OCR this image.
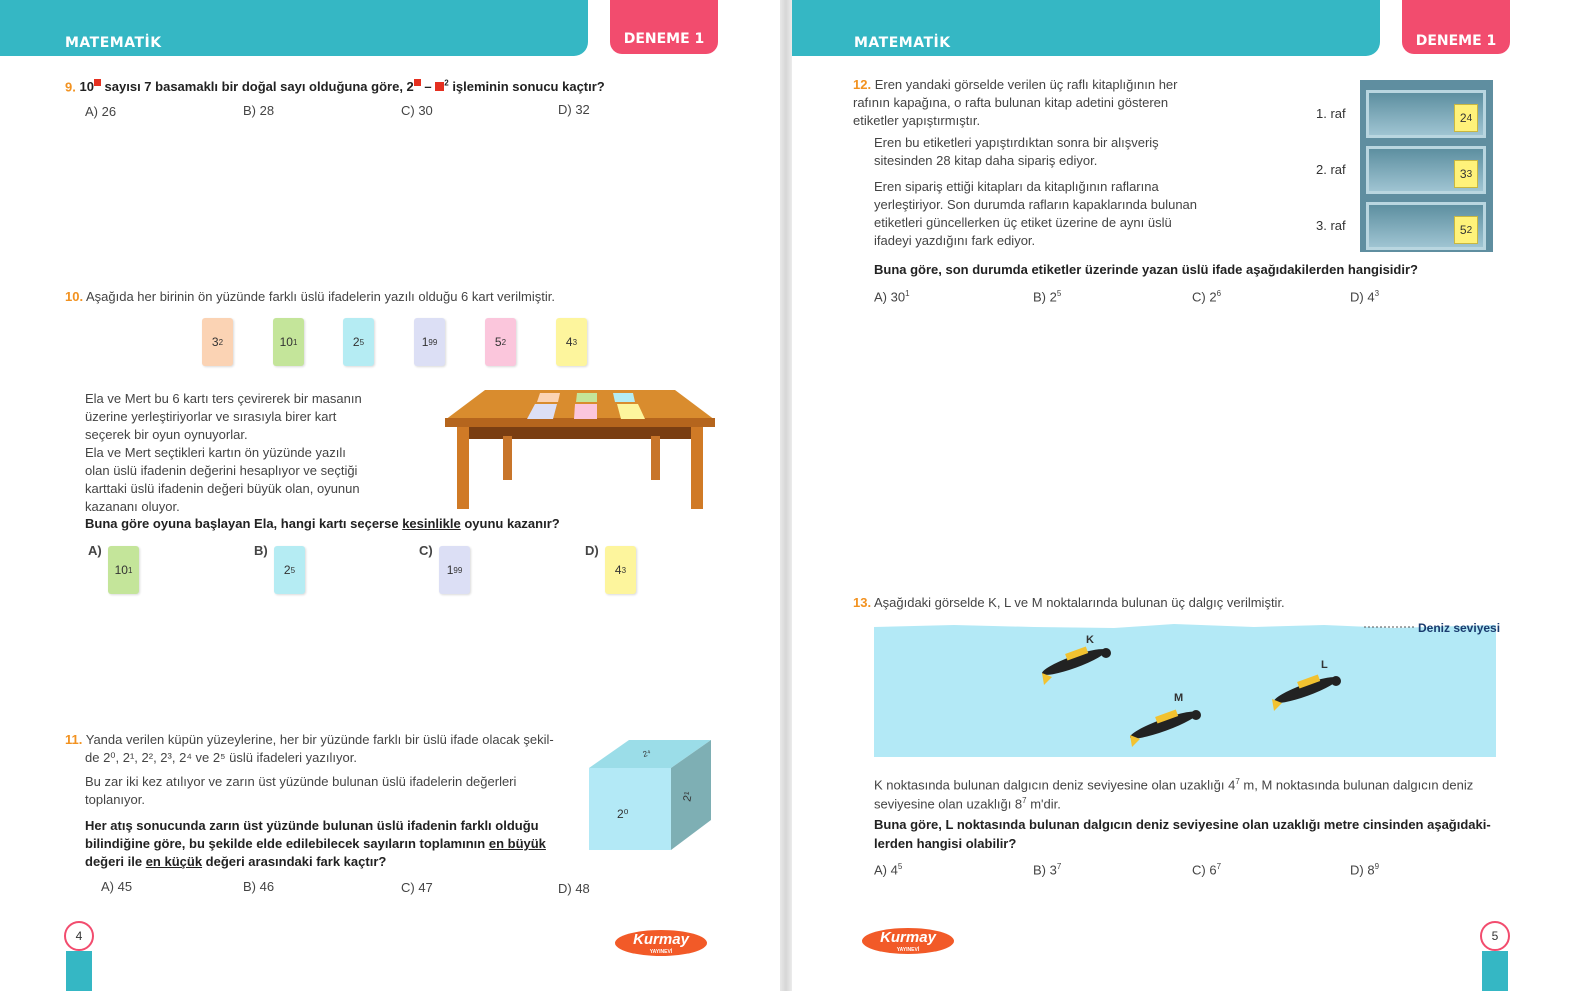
MATEMATİK	DENEME 1
9. 10 sayısı 7 basamaklı bir doğal sayı olduğuna göre, 2 – $^2$ işleminin sonucu kaçtır?
A) 26	B) 28	C) 30	D) 32
10. Aşağıda her birinin ön yüzünde farklı üslü ifadelerin yazılı olduğu 6 kart verilmiştir.
3 2	10 1	2 5	1 99	5 2	4 3
Ela ve Mert bu 6 kartı ters çevirerek bir masanın üzerine yerleştiriyorlar ve sırasıyla birer kart seçerek bir oyun oynuyorlar.
Ela ve Mert seçtikleri kartın ön yüzünde yazılı olan üslü ifadenin değerini hesaplıyor ve seçtiği karttaki üslü ifadenin değeri büyük olan, oyunun kazananı oluyor.
Buna göre oyuna başlayan Ela, hangi kartı seçerse kesinlikle oyunu kazanır?
A)
10 1
B)
2 5
C)
1 99
D)
4 3
11. Yanda verilen küpün yüzeylerine, her bir yüzünde farklı bir üslü ifade olacak şekil-
de 2⁰, 2¹, 2², 2³, 2⁴ ve 2⁵ üslü ifadeleri yazılıyor.
Bu zar iki kez atılıyor ve zarın üst yüzünde bulunan üslü ifadelerin değerleri toplanıyor.
Her atış sonucunda zarın üst yüzünde bulunan üslü ifadenin farklı olduğu bilindiğine göre, bu şekilde elde edilebilecek sayıların toplamının en büyük değeri ile en küçük değeri arasındaki fark kaçtır?
2⁰
2¹
2⁴
A) 45	B) 46	C) 47	D) 48
4	Kurmay
YAYINEVİ
MATEMATİK	DENEME 1
12. Eren yandaki görselde verilen üç raflı kitaplığının her rafının kapağına, o rafta bulunan kitap adetini gösteren etiketler yapıştırmıştır.
Eren bu etiketleri yapıştırdıktan sonra bir alışveriş sitesinden 28 kitap daha sipariş ediyor.
Eren sipariş ettiği kitapları da kitaplığının raflarına yerleştiriyor. Son durumda rafların kapaklarında bulunan etiketleri güncellerken üç etiket üzerine de aynı üslü ifadeyi yazdığını fark ediyor.
2 4
1. raf
3 3
2. raf
5 2
3. raf
Buna göre, son durumda etiketler üzerinde yazan üslü ifade aşağıdakilerden hangisidir?
A) $30^1$	B) $2^5$	C) $2^6$	D) $4^3$
13. Aşağıdaki görselde K, L ve M noktalarında bulunan üç dalgıç verilmiştir.
Deniz seviyesi
K
L
M
K noktasında bulunan dalgıcın deniz seviyesine olan uzaklığı $4^7$ m, M noktasında bulunan dalgıcın deniz
seviyesine olan uzaklığı $8^7$ m'dir.
Buna göre, L noktasında bulunan dalgıcın deniz seviyesine olan uzaklığı metre cinsinden aşağıdaki-
lerden hangisi olabilir?
A) $4^5$	B) $3^7$	C) $6^7$	D) $8^9$
Kurmay
YAYINEVİ
5
